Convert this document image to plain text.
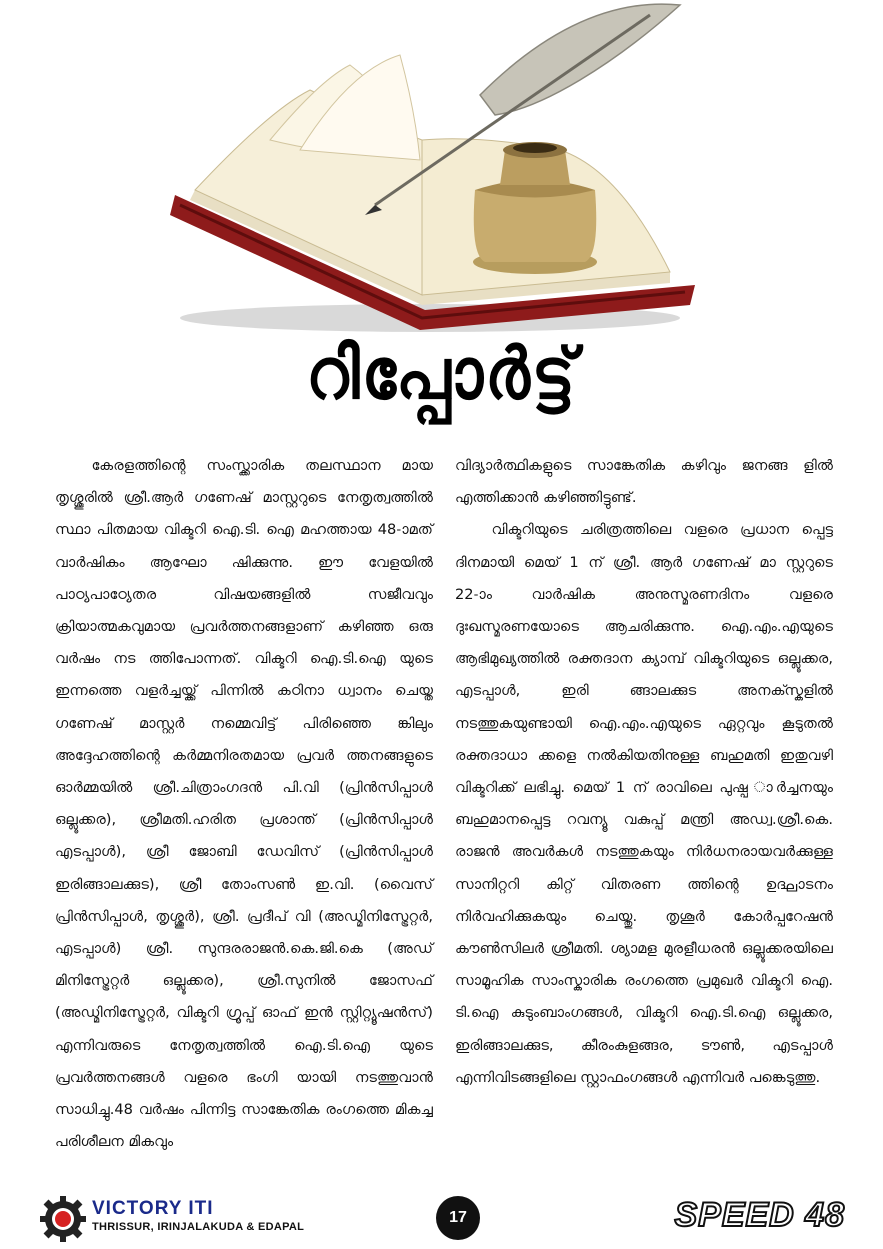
റിപ്പോർട്ട്

കേരളത്തിന്റെ സംസ്ക്കാരിക തലസ്ഥാന മായ തൃശ്ശൂരിൽ ശ്രീ.ആർ ഗണേഷ് മാസ്റ്ററുടെ നേതൃത്വത്തിൽ സ്ഥാ പിതമായ വിക്ടറി ഐ.ടി. ഐ മഹത്തായ 48-ാമത് വാർഷികം ആഘോ ഷിക്കുന്നു. ഈ വേളയിൽ പാഠ്യപാഠ്യേതര വിഷയങ്ങളിൽ സജീവവും ക്രിയാത്മകവുമായ പ്രവർത്തനങ്ങളാണ് കഴിഞ്ഞ ഒരു വർഷം നട ത്തിപോന്നത്. വിക്ടറി ഐ.ടി.ഐ യുടെ ഇന്നത്തെ വളർച്ചയ്ക്ക് പിന്നിൽ കഠിനാ ധ്വാനം ചെയ്ത ഗണേഷ് മാസ്റ്റർ നമ്മെവിട്ട് പിരിഞ്ഞെ ങ്കിലും അദ്ദേഹത്തിന്റെ കർമ്മനിരതമായ പ്രവർ ത്തനങ്ങളുടെ ഓർമ്മയിൽ ശ്രീ.ചിത്രാംഗദൻ പി.വി (പ്രിൻസിപ്പാൾ ഒല്ലൂക്കര), ശ്രീമതി.ഹരിത പ്രശാന്ത് (പ്രിൻസിപ്പാൾ എടപ്പാൾ), ശ്രീ ജോബി ഡേവിസ് (പ്രിൻസിപ്പാൾ ഇരിങ്ങാലക്കുട), ശ്രീ തോംസൺ ഇ.വി. (വൈസ് പ്രിൻസിപ്പാൾ, തൃശ്ശൂർ), ശ്രീ. പ്രദീപ് വി (അഡ്മിനിസ്ട്രേറ്റർ, എടപ്പാൾ) ശ്രീ. സുന്ദരരാജൻ.കെ.ജി.കെ (അഡ് മിനിസ്ട്രേറ്റർ ഒല്ലൂക്കര), ശ്രീ.സുനിൽ ജോസഫ് (അഡ്മിനിസ്ട്രേറ്റർ, വിക്ടറി ഗ്രൂപ്പ് ഓഫ് ഇൻ സ്റ്റിറ്റ്യൂഷൻസ്) എന്നിവരുടെ നേതൃത്വത്തിൽ ഐ.ടി.ഐ യുടെ പ്രവർത്തനങ്ങൾ വളരെ ഭംഗി യായി നടത്തുവാൻ സാധിച്ചു.48 വർഷം പിന്നിട്ട സാങ്കേതിക രംഗത്തെ മികച്ച പരിശീലന മികവും

വിദ്യാർത്ഥികളുടെ സാങ്കേതിക കഴിവും ജനങ്ങ ളിൽ എത്തിക്കാൻ കഴിഞ്ഞിട്ടുണ്ട്.

വിക്ടറിയുടെ ചരിത്രത്തിലെ വളരെ പ്രധാന പ്പെട്ട ദിനമായി മെയ് 1 ന് ശ്രീ. ആർ ഗണേഷ് മാ സ്റ്ററുടെ 22-ാം വാർഷിക അനുസ്മരണദിനം വളരെ ദുഃഖസ്മരണയോടെ ആചരിക്കുന്നു. ഐ.എം.എയുടെ ആഭിമുഖ്യത്തിൽ രക്തദാന ക്യാമ്പ് വിക്ടറിയുടെ ഒല്ലൂക്കര, എടപ്പാൾ, ഇരി ങ്ങാലക്കുട അനക്സ്കളിൽ നടത്തുകയുണ്ടായി ഐ.എം.എയുടെ ഏറ്റവും കൂടുതൽ രക്തദാധാ ക്കളെ നൽകിയതിനുള്ള ബഹുമതി ഇതുവഴി വിക്ടറിക്ക് ലഭിച്ചു. മെയ് 1 ന് രാവിലെ പുഷ്പ ാർച്ചനയും ബഹുമാനപ്പെട്ട റവന്യൂ വകുപ്പ് മന്ത്രി അഡ്വ.ശ്രീ.കെ. രാജൻ അവർകൾ നടത്തുകയും നിർധനരായവർക്കുള്ള സാനിറ്ററി കിറ്റ് വിതരണ ത്തിന്റെ ഉദ്ഘാടനം നിർവഹിക്കുകയും ചെയ്തു. തൃശൂർ കോർപ്പറേഷൻ കൗൺസിലർ ശ്രീമതി. ശ്യാമള മുരളീധരൻ ഒല്ലൂക്കരയിലെ സാമൂഹിക സാംസ്കാരിക രംഗത്തെ പ്രമുഖർ വിക്ടറി ഐ. ടി.ഐ കുടുംബാംഗങ്ങൾ, വിക്ടറി ഐ.ടി.ഐ ഒല്ലൂക്കര, ഇരിങ്ങാലക്കുട, കീരംകുളങ്ങര, ടൗൺ, എടപ്പാൾ എന്നിവിടങ്ങളിലെ സ്റ്റാഫംഗങ്ങൾ എന്നിവർ പങ്കെടുത്തു.

VICTORY ITI
THRISSUR, IRINJALAKUDA & EDAPAL
17	SPEED 48
